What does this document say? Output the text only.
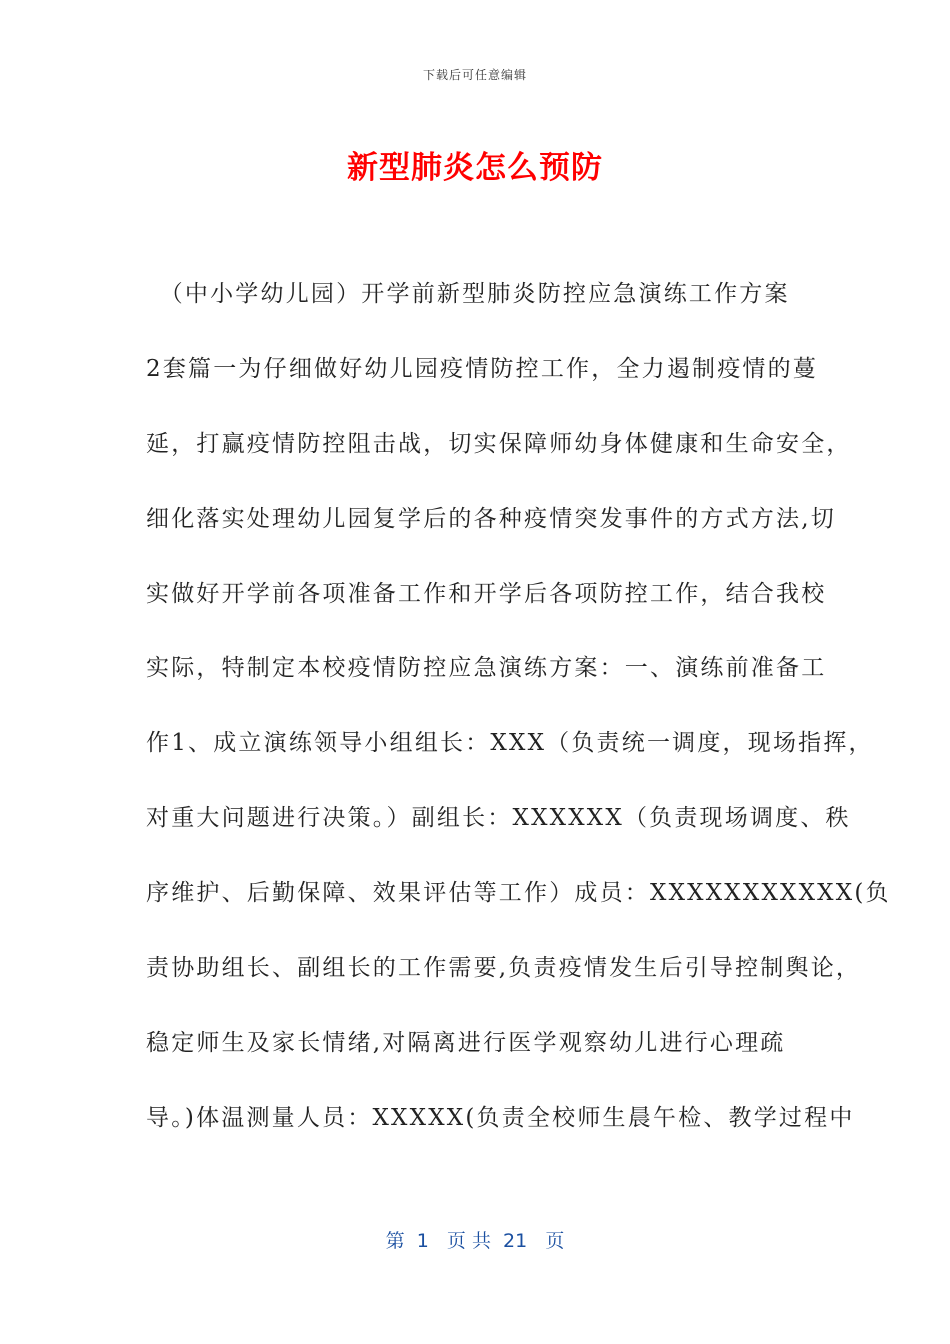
下载后可任意编辑
新型肺炎怎么预防
　（中小学幼儿园）开学前新型肺炎防控应急演练工作方案
2套篇一为仔细做好幼儿园疫情防控工作，全力遏制疫情的蔓
延，打赢疫情防控阻击战，切实保障师幼身体健康和生命安全，
细化落实处理幼儿园复学后的各种疫情突发事件的方式方法,切
实做好开学前各项准备工作和开学后各项防控工作，结合我校
实际，特制定本校疫情防控应急演练方案：一、演练前准备工
作1、成立演练领导小组组长：XXX（负责统一调度，现场指挥，
对重大问题进行决策。）副组长：XXXXXX（负责现场调度、秩
序维护、后勤保障、效果评估等工作）成员：XXXXXXXXXXX(负
责协助组长、副组长的工作需要,负责疫情发生后引导控制舆论，
稳定师生及家长情绪,对隔离进行医学观察幼儿进行心理疏
导。)体温测量人员：XXXXX(负责全校师生晨午检、教学过程中
第  1   页 共  21   页
